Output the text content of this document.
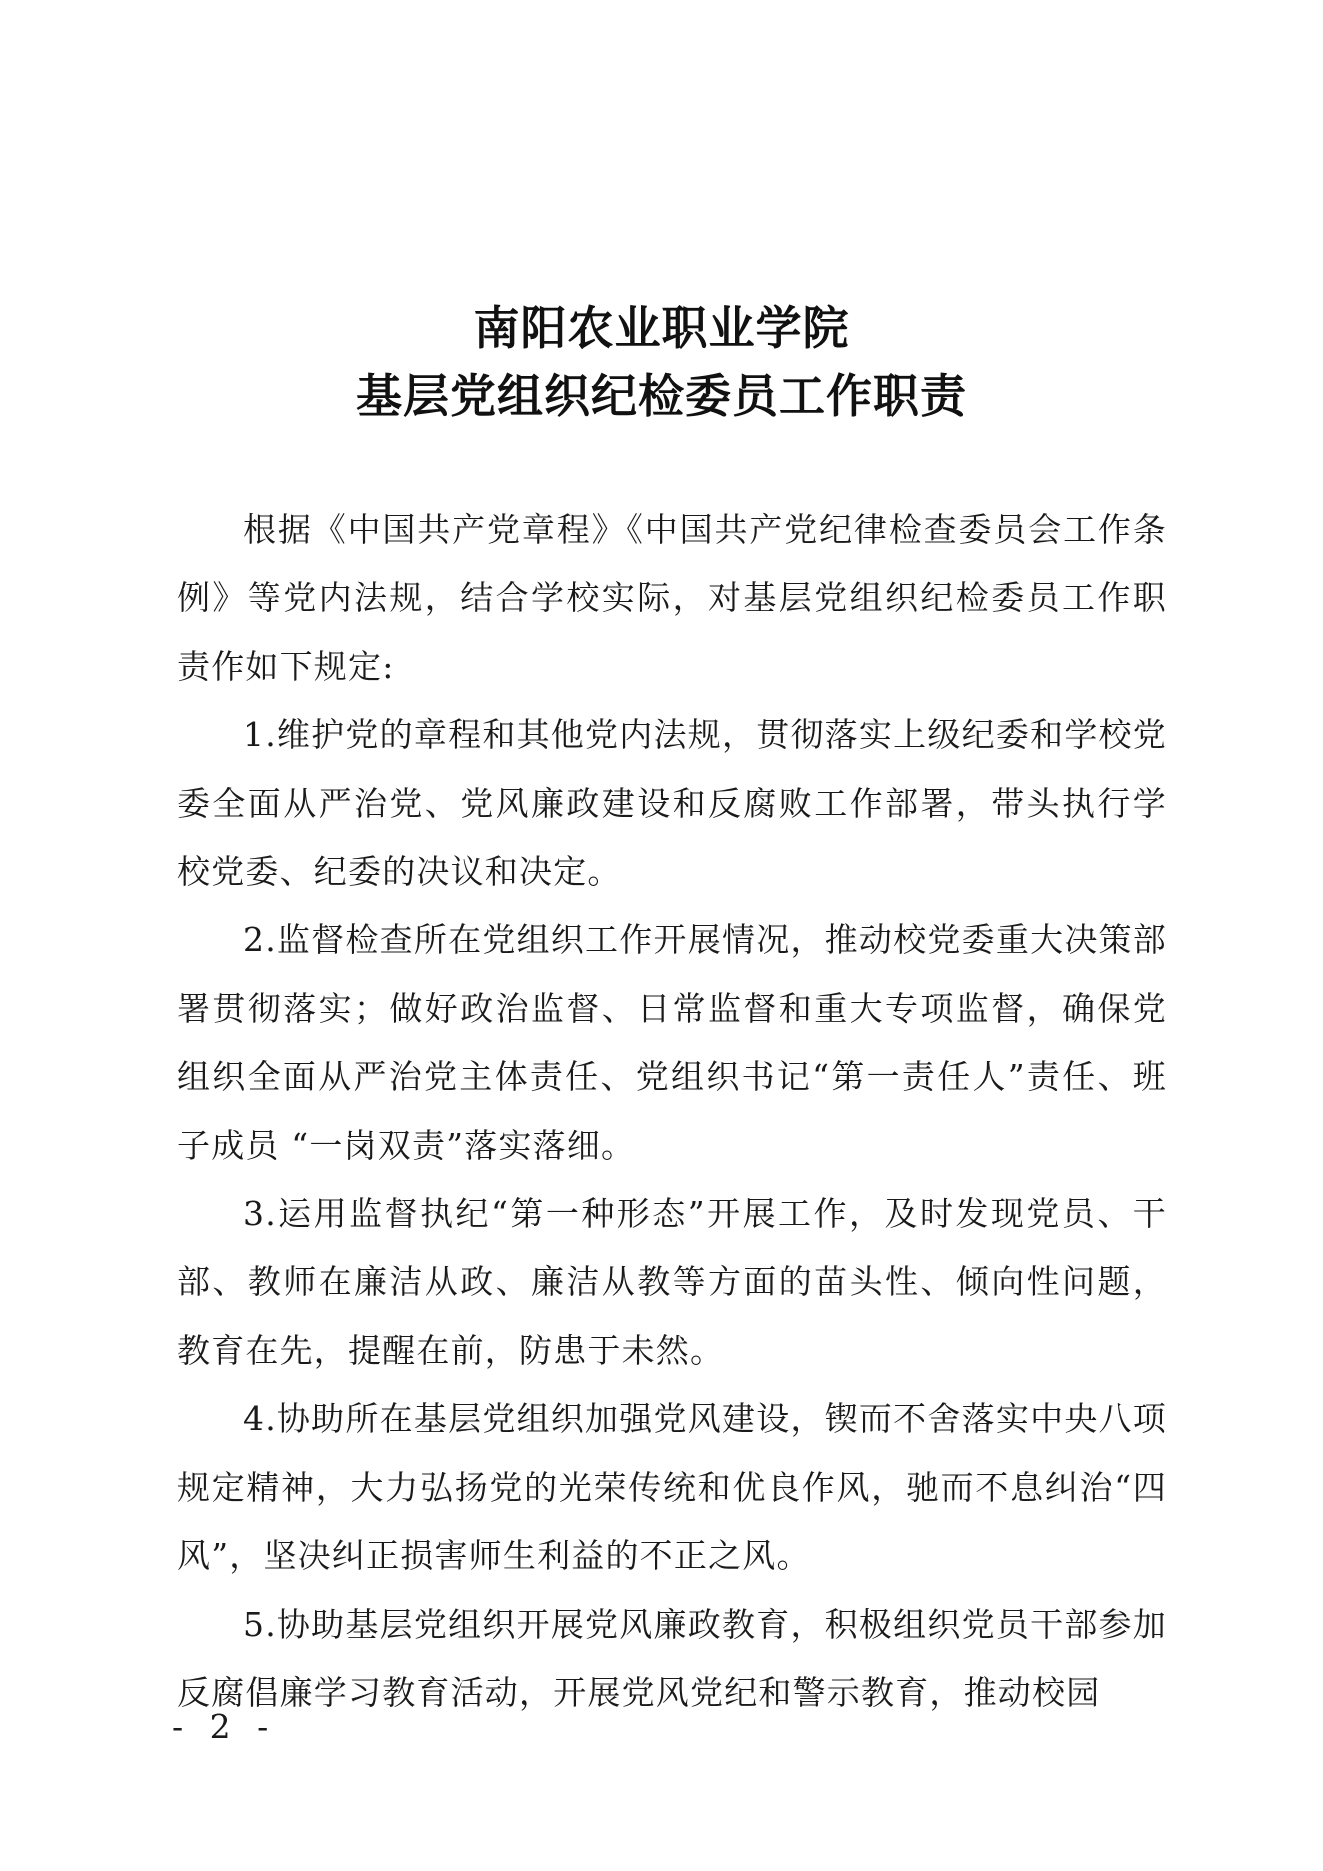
南阳农业职业学院
基层党组织纪检委员工作职责

根据《中国共产党章程》《中国共产党纪律检查委员会工作条例》等党内法规，结合学校实际，对基层党组织纪检委员工作职责作如下规定:

1.维护党的章程和其他党内法规，贯彻落实上级纪委和学校党委全面从严治党、党风廉政建设和反腐败工作部署，带头执行学校党委、纪委的决议和决定。

2.监督检查所在党组织工作开展情况，推动校党委重大决策部署贯彻落实；做好政治监督、日常监督和重大专项监督，确保党组织全面从严治党主体责任、党组织书记“第一责任人”责任、班子成员 “一岗双责”落实落细。

3.运用监督执纪“第一种形态”开展工作，及时发现党员、干部、教师在廉洁从政、廉洁从教等方面的苗头性、倾向性问题，教育在先，提醒在前，防患于未然。

4.协助所在基层党组织加强党风建设，锲而不舍落实中央八项规定精神，大力弘扬党的光荣传统和优良作风，驰而不息纠治“四风”，坚决纠正损害师生利益的不正之风。

5.协助基层党组织开展党风廉政教育，积极组织党员干部参加反腐倡廉学习教育活动，开展党风党纪和警示教育，推动校园

- 2 -
